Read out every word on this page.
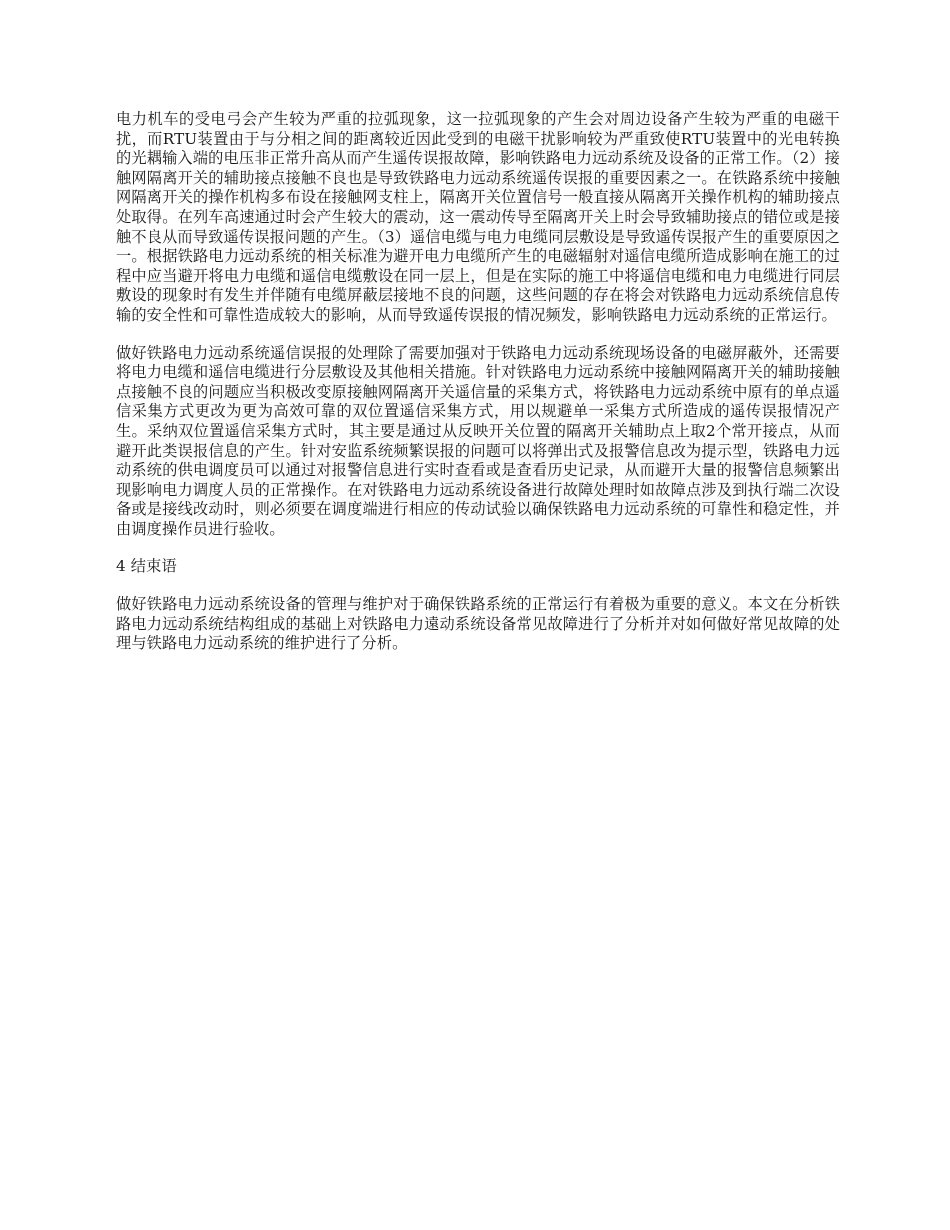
电力机车的受电弓会产生较为严重的拉弧现象，这一拉弧现象的产生会对周边设备产生较为严重的电磁干扰，而RTU装置由于与分相之间的距离较近因此受到的电磁干扰影响较为严重致使RTU装置中的光电转换的光耦输入端的电压非正常升高从而产生遥传误报故障，影响铁路电力远动系统及设备的正常工作。（2）接触网隔离开关的辅助接点接触不良也是导致铁路电力远动系统遥传误报的重要因素之一。在铁路系统中接触网隔离开关的操作机构多布设在接触网支柱上，隔离开关位置信号一般直接从隔离开关操作机构的辅助接点处取得。在列车高速通过时会产生较大的震动，这一震动传导至隔离开关上时会导致辅助接点的错位或是接触不良从而导致遥传误报问题的产生。（3）遥信电缆与电力电缆同层敷设是导致遥传误报产生的重要原因之一。根据铁路电力远动系统的相关标准为避开电力电缆所产生的电磁辐射对遥信电缆所造成影响在施工的过程中应当避开将电力电缆和遥信电缆敷设在同一层上，但是在实际的施工中将遥信电缆和电力电缆进行同层敷设的现象时有发生并伴随有电缆屏蔽层接地不良的问题，这些问题的存在将会对铁路电力远动系统信息传输的安全性和可靠性造成较大的影响，从而导致遥传误报的情况频发，影响铁路电力远动系统的正常运行。

做好铁路电力远动系统遥信误报的处理除了需要加强对于铁路电力远动系统现场设备的电磁屏蔽外，还需要将电力电缆和遥信电缆进行分层敷设及其他相关措施。针对铁路电力远动系统中接触网隔离开关的辅助接触点接触不良的问题应当积极改变原接触网隔离开关遥信量的采集方式，将铁路电力远动系统中原有的单点遥信采集方式更改为更为高效可靠的双位置遥信采集方式，用以规避单一采集方式所造成的遥传误报情况产生。采纳双位置遥信采集方式时，其主要是通过从反映开关位置的隔离开关辅助点上取2个常开接点，从而避开此类误报信息的产生。针对安监系统频繁误报的问题可以将弹出式及报警信息改为提示型，铁路电力远动系统的供电调度员可以通过对报警信息进行实时查看或是查看历史记录，从而避开大量的报警信息频繁出现影响电力调度人员的正常操作。在对铁路电力远动系统设备进行故障处理时如故障点涉及到执行端二次设备或是接线改动时，则必须要在调度端进行相应的传动试验以确保铁路电力远动系统的可靠性和稳定性，并由调度操作员进行验收。

4 结束语

做好铁路电力远动系统设备的管理与维护对于确保铁路系统的正常运行有着极为重要的意义。本文在分析铁路电力远动系统结构组成的基础上对铁路电力遠动系统设备常见故障进行了分析并对如何做好常见故障的处理与铁路电力远动系统的维护进行了分析。
